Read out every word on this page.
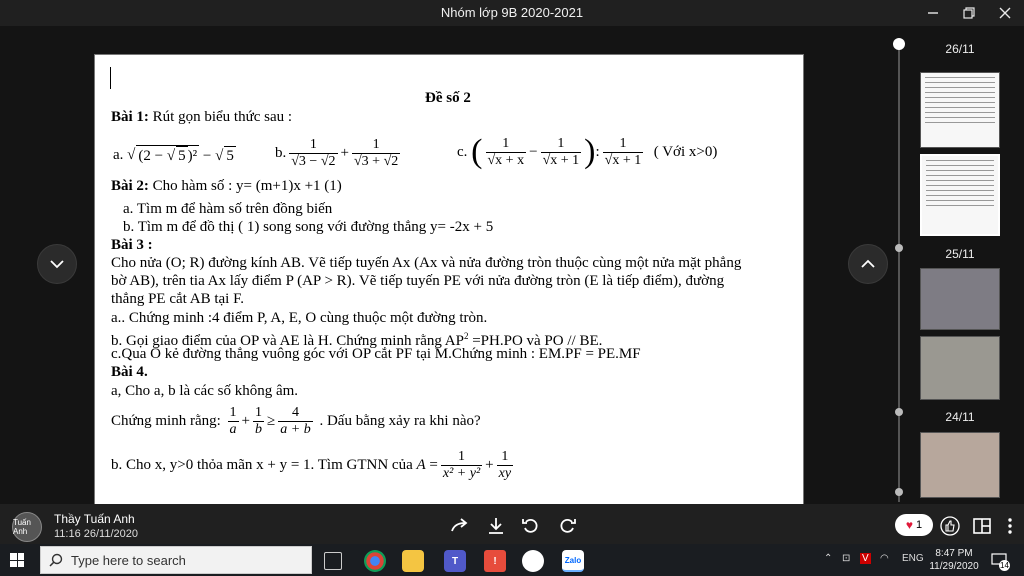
Nhóm lớp 9B 2020-2021
Đề số 2
Bài 1: Rút gọn biểu thức sau :
a. √ (2 − √ 5 )² − √ 5	b. $\frac{1}{√3 - √2} + \frac{1}{√3 + √2}$	c.
( $\frac{1}{√x + x} - \frac{1}{√x + 1}$ ) : $\frac{1}{√x + 1}$
( Với x>0)
Bài 2: Cho hàm số : y= (m+1)x +1 (1)
a. Tìm m để hàm số trên đồng biến
b. Tìm m để đồ thị ( 1) song song với đường thẳng y= -2x + 5
Bài 3 :
Cho nửa (O; R) đường kính AB. Vẽ tiếp tuyến Ax (Ax và nửa đường tròn thuộc cùng một nửa mặt phẳng
bờ AB), trên tia Ax lấy điểm P (AP > R). Vẽ tiếp tuyến PE với nửa đường tròn (E là tiếp điểm), đường
thẳng PE cắt AB tại F.
a.. Chứng minh :4 điểm P, A, E, O cùng thuộc một đường tròn.
b. Gọi giao điểm của OP và AE là H. Chứng minh rằng $AP^2 =PH.PO$ và PO // BE.
c.Qua O kẻ đường thẳng vuông góc với OP cắt PF tại M.Chứng minh : EM.PF = PE.MF
Bài 4.
a, Cho a, b là các số không âm.
Chứng minh rằng:
$\frac{1}{a} + \frac{1}{b} \ge \frac{4}{a + b}$
. Dấu bằng xảy ra khi nào?
b. Cho x, y>0 thỏa mãn x + y = 1. Tìm GTNN của
$A = \frac{1}{\text{x² + y²}} + \frac{1}{xy}$
26/11
25/11
24/11
Tuấn Anh
Thầy Tuấn Anh
11:16 26/11/2020
♥ 1
Type here to search	T	!	Zalo	⌃ ⊡ V ◠ ENG	8:47 PM
11/29/2020	14
